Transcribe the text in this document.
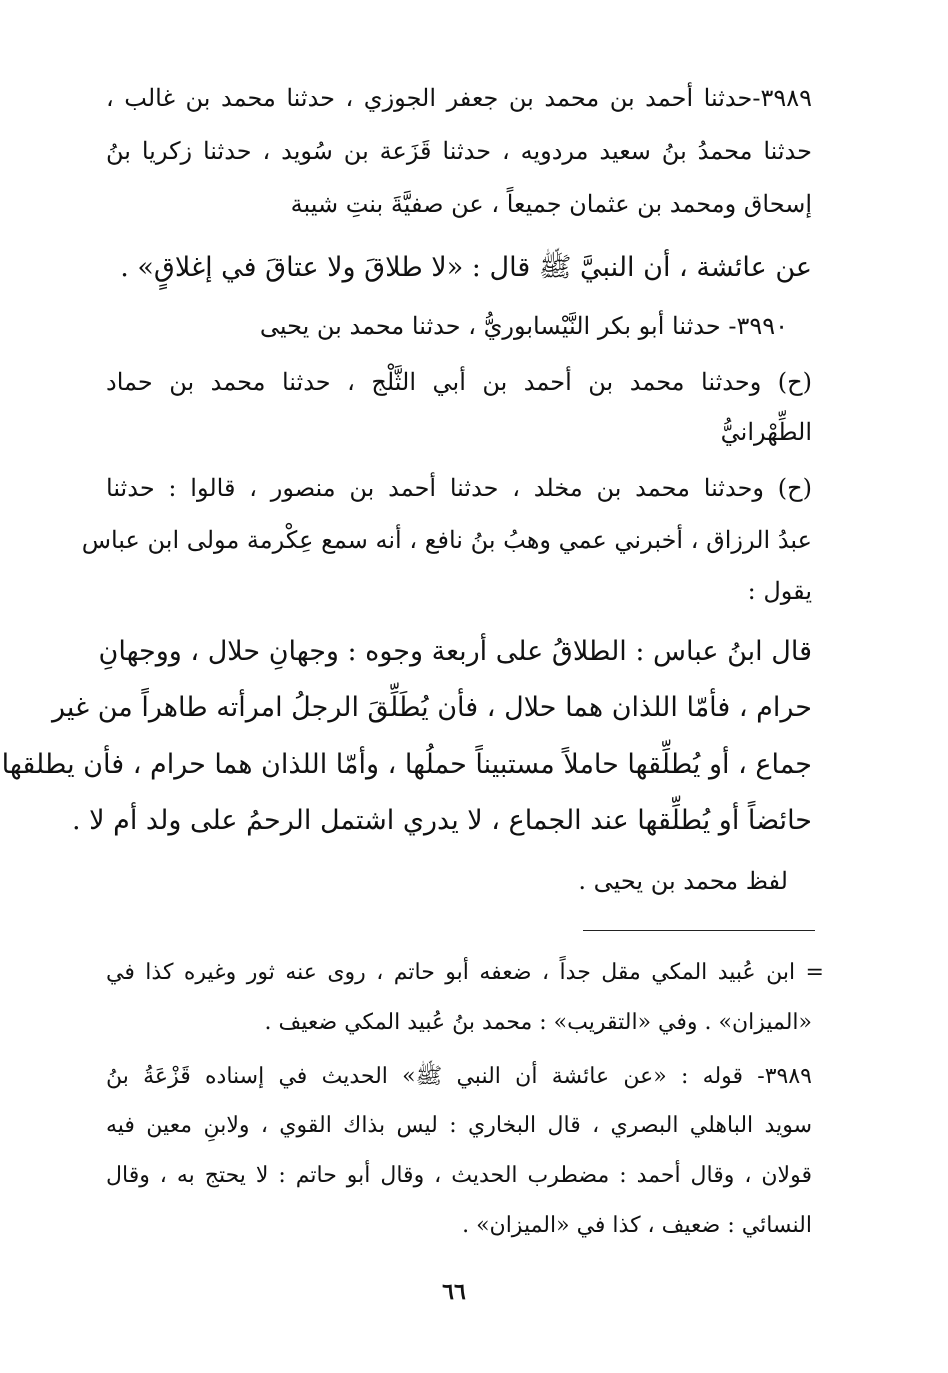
٣٩٨٩-حدثنا أحمد بن محمد بن جعفر الجوزي ، حدثنا محمد بن غالب ،
حدثنا محمدُ بنُ سعيد مردويه ، حدثنا قَزَعة بن سُويد ، حدثنا زكريا بنُ
إسحاق ومحمد بن عثمان جميعاً ، عن صفيَّةَ بنتِ شيبة
عن عائشة ، أن النبيَّ ﷺ قال : «لا طلاقَ ولا عتاقَ في إغلاقٍ» .
٣٩٩٠- حدثنا أبو بكر النَّيْسابوريُّ ، حدثنا محمد بن يحيى
(ح) وحدثنا محمد بن أحمد بن أبي الثَّلْج ، حدثنا محمد بن حماد
الطِّهْرانيُّ
(ح) وحدثنا محمد بن مخلد ، حدثنا أحمد بن منصور ، قالوا : حدثنا
عبدُ الرزاق ، أخبرني عمي وهبُ بنُ نافع ، أنه سمع عِكْرمة مولى ابن عباس
يقول :
قال ابنُ عباس : الطلاقُ على أربعة وجوه : وجهانِ حلال ، ووجهانِ
حرام ، فأمّا اللذان هما حلال ، فأن يُطَلِّقَ الرجلُ امرأته طاهراً من غير
جماع ، أو يُطلِّقها حاملاً مستبيناً حملُها ، وأمّا اللذان هما حرام ، فأن يطلقها
حائضاً أو يُطلِّقها عند الجماع ، لا يدري اشتمل الرحمُ على ولد أم لا .
لفظ محمد بن يحيى .
= ابن عُبيد المكي مقل جداً ، ضعفه أبو حاتم ، روى عنه ثور وغيره كذا في
«الميزان» . وفي «التقريب» : محمد بنُ عُبيد المكي ضعيف .
٣٩٨٩- قوله : «عن عائشة أن النبي ﷺ» الحديث في إسناده قَزْعَةُ بنُ
سويد الباهلي البصري ، قال البخاري : ليس بذاك القوي ، ولابنِ معين فيه
قولان ، وقال أحمد : مضطرب الحديث ، وقال أبو حاتم : لا يحتج به ، وقال
النسائي : ضعيف ، كذا في «الميزان» .
٦٦
